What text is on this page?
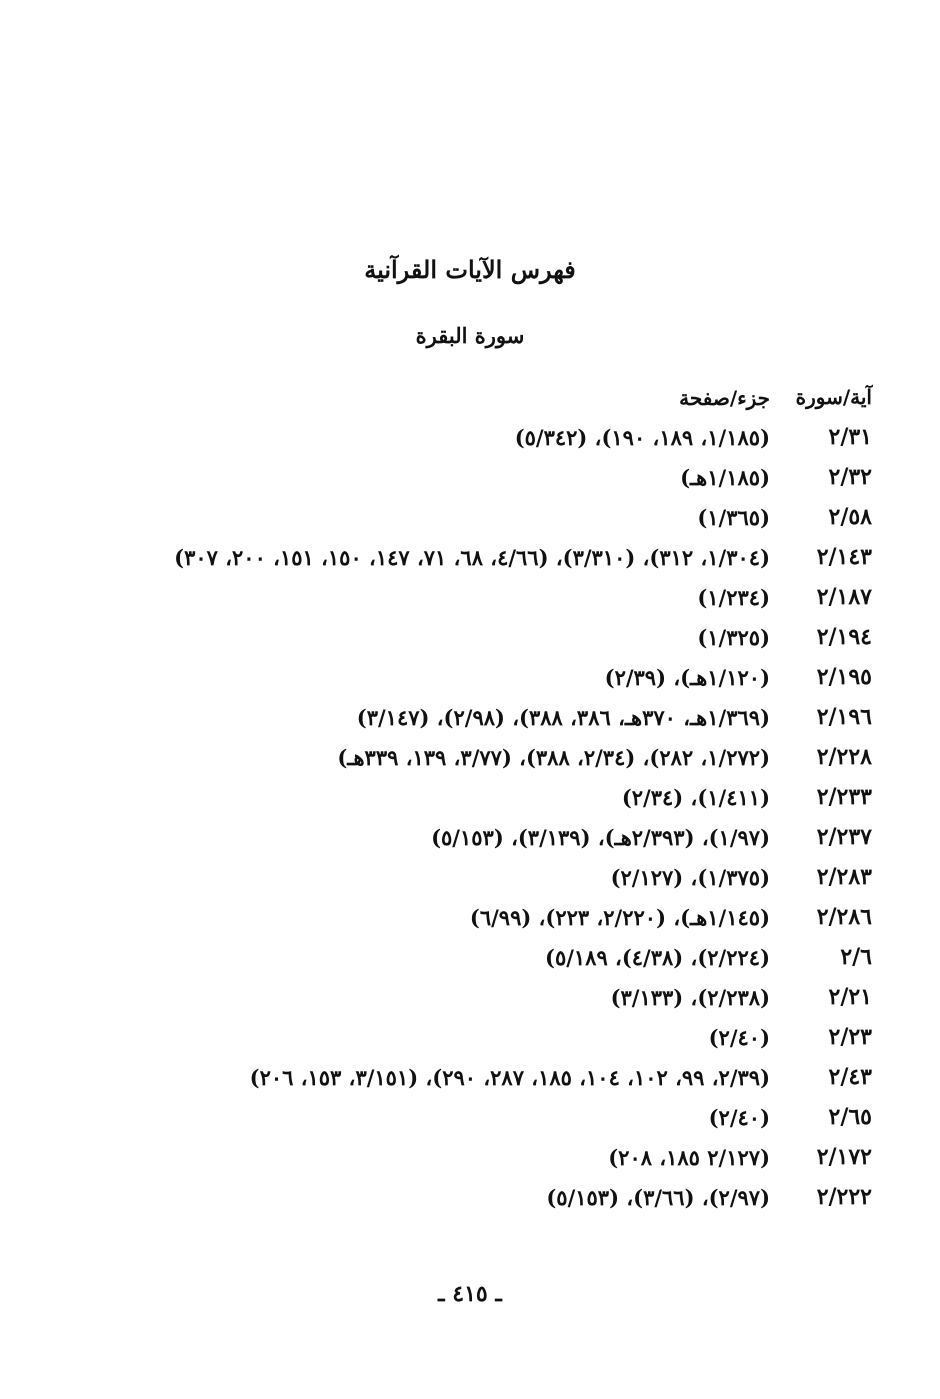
فهرس الآيات القرآنية
سورة البقرة
آية/سورة
جزء/صفحة
٢/٣١
(١/١٨٥، ١٨٩، ١٩٠)، (٥/٣٤٢)
٢/٣٢
(١/١٨٥هـ)
٢/٥٨
(١/٣٦٥)
٢/١٤٣
(١/٣٠٤، ٣١٢)، (٣/٣١٠)، (٤/٦٦، ٦٨، ٧١، ١٤٧، ١٥٠، ١٥١، ٢٠٠، ٣٠٧)
٢/١٨٧
(١/٢٣٤)
٢/١٩٤
(١/٣٢٥)
٢/١٩٥
(١/١٢٠هـ)، (٢/٣٩)
٢/١٩٦
(١/٣٦٩هـ، ٣٧٠هـ، ٣٨٦، ٣٨٨)، (٢/٩٨)، (٣/١٤٧)
٢/٢٢٨
(١/٢٧٢، ٢٨٢)، (٢/٣٤، ٣٨٨)، (٣/٧٧، ١٣٩، ٣٣٩هـ)
٢/٢٣٣
(١/٤١١)، (٢/٣٤)
٢/٢٣٧
(١/٩٧)، (٢/٣٩٣هـ)، (٣/١٣٩)، (٥/١٥٣)
٢/٢٨٣
(١/٣٧٥)، (٢/١٢٧)
٢/٢٨٦
(١/١٤٥هـ)، (٢/٢٢٠، ٢٢٣)، (٦/٩٩)
٢/٦
(٢/٢٢٤)، (٤/٣٨)، ٥/١٨٩)
٢/٢١
(٢/٢٣٨)، (٣/١٣٣)
٢/٢٣
(٢/٤٠)
٢/٤٣
(٢/٣٩، ٩٩، ١٠٢، ١٠٤، ١٨٥، ٢٨٧، ٢٩٠)، (٣/١٥١، ١٥٣، ٢٠٦)
٢/٦٥
(٢/٤٠)
٢/١٧٢
(٢/١٢٧ ١٨٥، ٢٠٨)
٢/٢٢٢
(٢/٩٧)، (٣/٦٦)، (٥/١٥٣)
ـ ٤١٥ ـ
